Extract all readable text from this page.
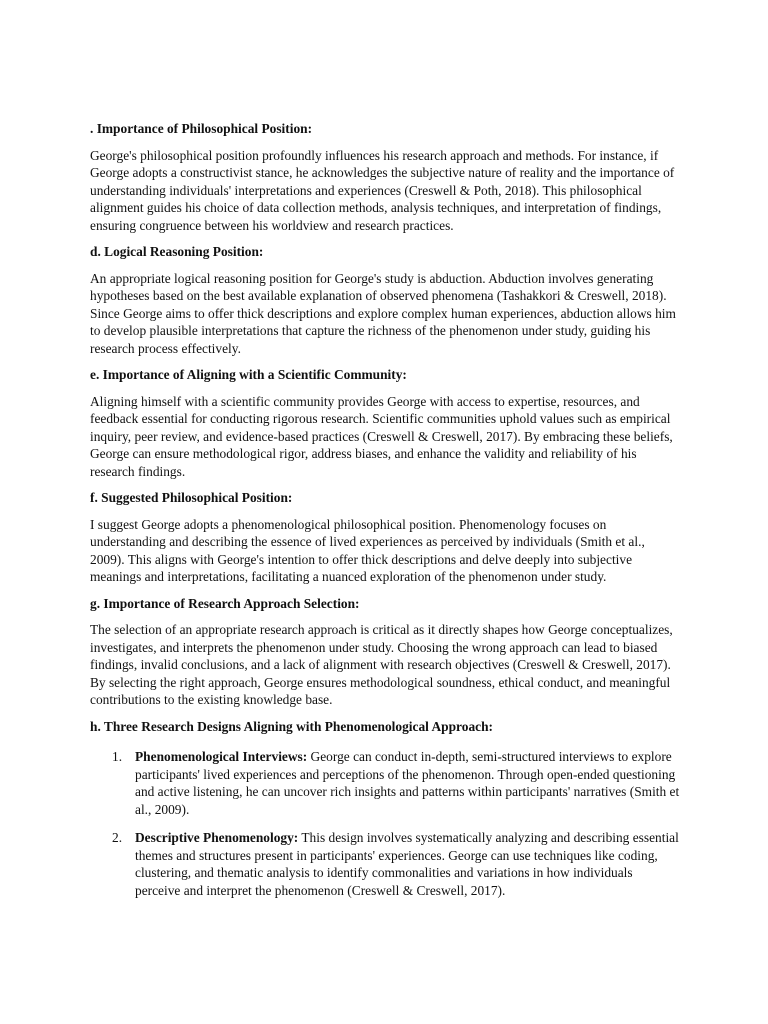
. Importance of Philosophical Position:
George's philosophical position profoundly influences his research approach and methods. For instance, if George adopts a constructivist stance, he acknowledges the subjective nature of reality and the importance of understanding individuals' interpretations and experiences (Creswell & Poth, 2018). This philosophical alignment guides his choice of data collection methods, analysis techniques, and interpretation of findings, ensuring congruence between his worldview and research practices.
d. Logical Reasoning Position:
An appropriate logical reasoning position for George's study is abduction. Abduction involves generating hypotheses based on the best available explanation of observed phenomena (Tashakkori & Creswell, 2018). Since George aims to offer thick descriptions and explore complex human experiences, abduction allows him to develop plausible interpretations that capture the richness of the phenomenon under study, guiding his research process effectively.
e. Importance of Aligning with a Scientific Community:
Aligning himself with a scientific community provides George with access to expertise, resources, and feedback essential for conducting rigorous research. Scientific communities uphold values such as empirical inquiry, peer review, and evidence-based practices (Creswell & Creswell, 2017). By embracing these beliefs, George can ensure methodological rigor, address biases, and enhance the validity and reliability of his research findings.
f. Suggested Philosophical Position:
I suggest George adopts a phenomenological philosophical position. Phenomenology focuses on understanding and describing the essence of lived experiences as perceived by individuals (Smith et al., 2009). This aligns with George's intention to offer thick descriptions and delve deeply into subjective meanings and interpretations, facilitating a nuanced exploration of the phenomenon under study.
g. Importance of Research Approach Selection:
The selection of an appropriate research approach is critical as it directly shapes how George conceptualizes, investigates, and interprets the phenomenon under study. Choosing the wrong approach can lead to biased findings, invalid conclusions, and a lack of alignment with research objectives (Creswell & Creswell, 2017). By selecting the right approach, George ensures methodological soundness, ethical conduct, and meaningful contributions to the existing knowledge base.
h. Three Research Designs Aligning with Phenomenological Approach:
1. Phenomenological Interviews: George can conduct in-depth, semi-structured interviews to explore participants' lived experiences and perceptions of the phenomenon. Through open-ended questioning and active listening, he can uncover rich insights and patterns within participants' narratives (Smith et al., 2009).
2. Descriptive Phenomenology: This design involves systematically analyzing and describing essential themes and structures present in participants' experiences. George can use techniques like coding, clustering, and thematic analysis to identify commonalities and variations in how individuals perceive and interpret the phenomenon (Creswell & Creswell, 2017).
